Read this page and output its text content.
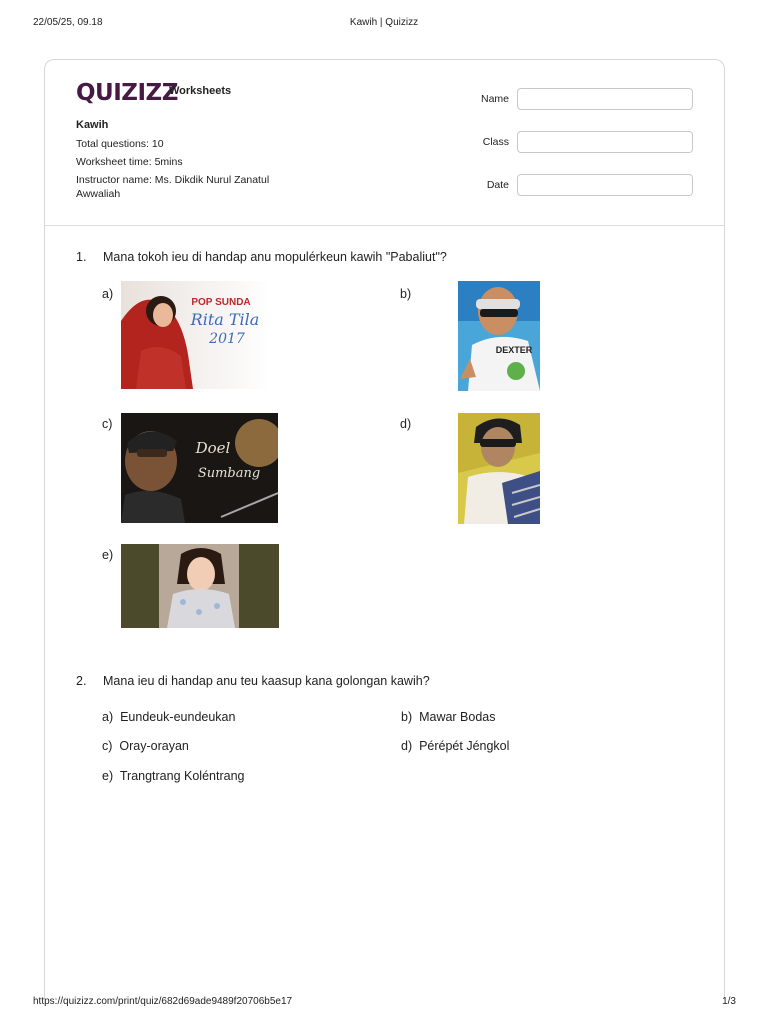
22/05/25, 09.18	Kawih | Quizizz
QUIZIZZ
Worksheets
Kawih
Total questions: 10
Worksheet time: 5mins
Instructor name: Ms. Dikdik Nurul Zanatul Awwaliah
Name
Class
Date
1. Mana tokoh ieu di handap anu mopulérkeun kawih "Pabaliut"?
a)
POP SUNDA
Rita Tila
2017
b)
DEXTER
c)
Doel
Sumbang
d)
e)
2. Mana ieu di handap anu teu kaasup kana golongan kawih?
a) Eundeuk-eundeukan	b) Mawar Bodas
c) Oray-orayan	d) Pérépét Jéngkol
e) Trangtrang Koléntrang
https://quizizz.com/print/quiz/682d69ade9489f20706b5e17	1/3
